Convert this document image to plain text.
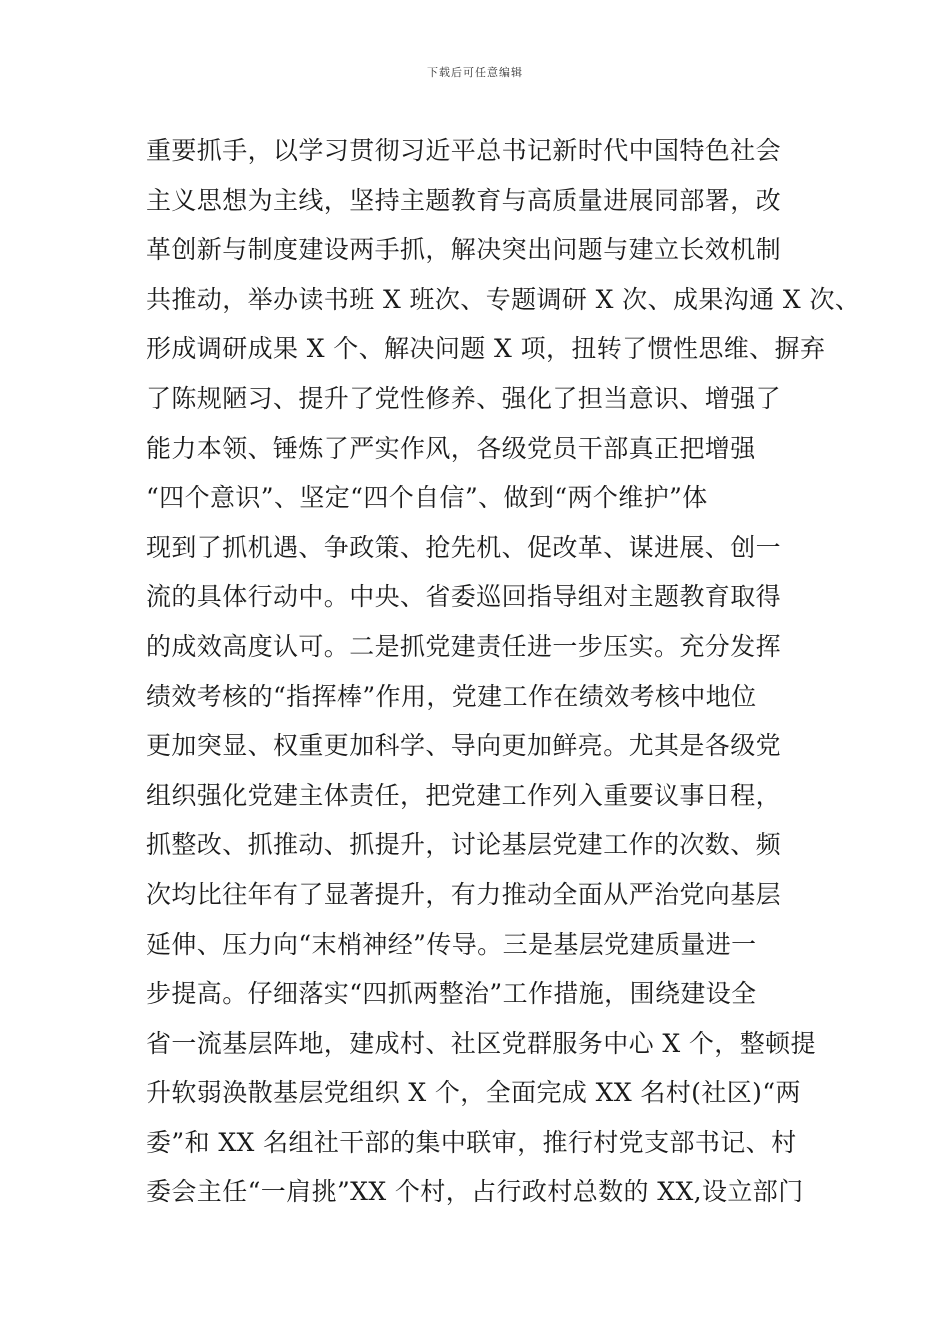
下载后可任意编辑
重要抓手，以学习贯彻习近平总书记新时代中国特色社会
主义思想为主线，坚持主题教育与高质量进展同部署，改
革创新与制度建设两手抓，解决突出问题与建立长效机制
共推动，举办读书班 X 班次、专题调研 X 次、成果沟通 X 次、
形成调研成果 X 个、解决问题 X 项，扭转了惯性思维、摒弃
了陈规陋习、提升了党性修养、强化了担当意识、增强了
能力本领、锤炼了严实作风，各级党员干部真正把增强
“四个意识”、坚定“四个自信”、做到“两个维护”体
现到了抓机遇、争政策、抢先机、促改革、谋进展、创一
流的具体行动中。中央、省委巡回指导组对主题教育取得
的成效高度认可。二是抓党建责任进一步压实。充分发挥
绩效考核的“指挥棒”作用，党建工作在绩效考核中地位
更加突显、权重更加科学、导向更加鲜亮。尤其是各级党
组织强化党建主体责任，把党建工作列入重要议事日程，
抓整改、抓推动、抓提升，讨论基层党建工作的次数、频
次均比往年有了显著提升，有力推动全面从严治党向基层
延伸、压力向“末梢神经”传导。三是基层党建质量进一
步提高。仔细落实“四抓两整治”工作措施，围绕建设全
省一流基层阵地，建成村、社区党群服务中心 X 个，整顿提
升软弱涣散基层党组织 X 个，全面完成 XX 名村(社区)“两
委”和 XX 名组社干部的集中联审，推行村党支部书记、村
委会主任“一肩挑”XX 个村，占行政村总数的 XX,设立部门
